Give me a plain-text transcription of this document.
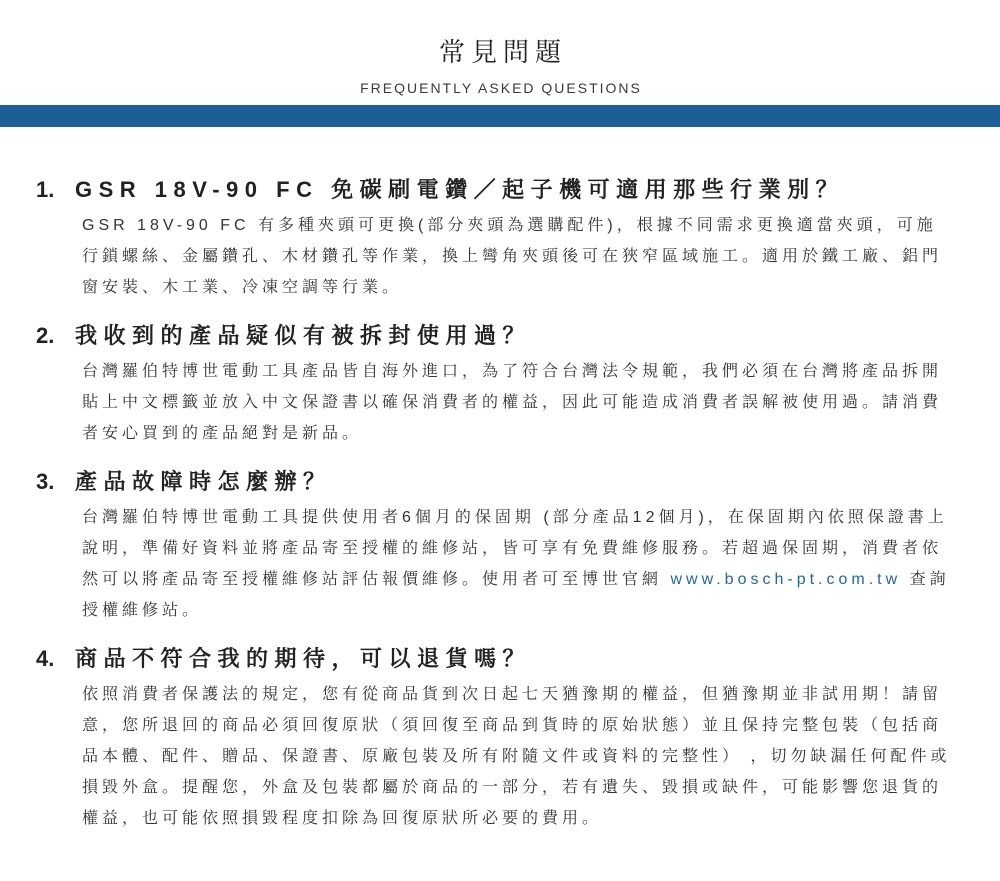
常見問題
FREQUENTLY ASKED QUESTIONS
1. GSR 18V-90 FC 免碳刷電鑽／起子機可適用那些行業別？
GSR 18V-90 FC 有多種夾頭可更換(部分夾頭為選購配件)，根據不同需求更換適當夾頭，可施
行鎖螺絲、金屬鑽孔、木材鑽孔等作業，換上彎角夾頭後可在狹窄區域施工。適用於鐵工廠、鋁門
窗安裝、木工業、冷凍空調等行業。
2. 我收到的產品疑似有被拆封使用過？
台灣羅伯特博世電動工具產品皆自海外進口，為了符合台灣法令規範，我們必須在台灣將產品拆開
貼上中文標籤並放入中文保證書以確保消費者的權益，因此可能造成消費者誤解被使用過。請消費
者安心買到的產品絕對是新品。
3. 產品故障時怎麼辦？
台灣羅伯特博世電動工具提供使用者6個月的保固期 (部分產品12個月)，在保固期內依照保證書上
說明，準備好資料並將產品寄至授權的維修站，皆可享有免費維修服務。若超過保固期，消費者依
然可以將產品寄至授權維修站評估報價維修。使用者可至博世官網 www.bosch-pt.com.tw 查詢
授權維修站。
4. 商品不符合我的期待，可以退貨嗎？
依照消費者保護法的規定，您有從商品貨到次日起七天猶豫期的權益，但猶豫期並非試用期！請留
意，您所退回的商品必須回復原狀（須回復至商品到貨時的原始狀態）並且保持完整包裝（包括商
品本體、配件、贈品、保證書、原廠包裝及所有附隨文件或資料的完整性） ，切勿缺漏任何配件或
損毀外盒。提醒您，外盒及包裝都屬於商品的一部分，若有遺失、毀損或缺件，可能影響您退貨的
權益，也可能依照損毀程度扣除為回復原狀所必要的費用。
